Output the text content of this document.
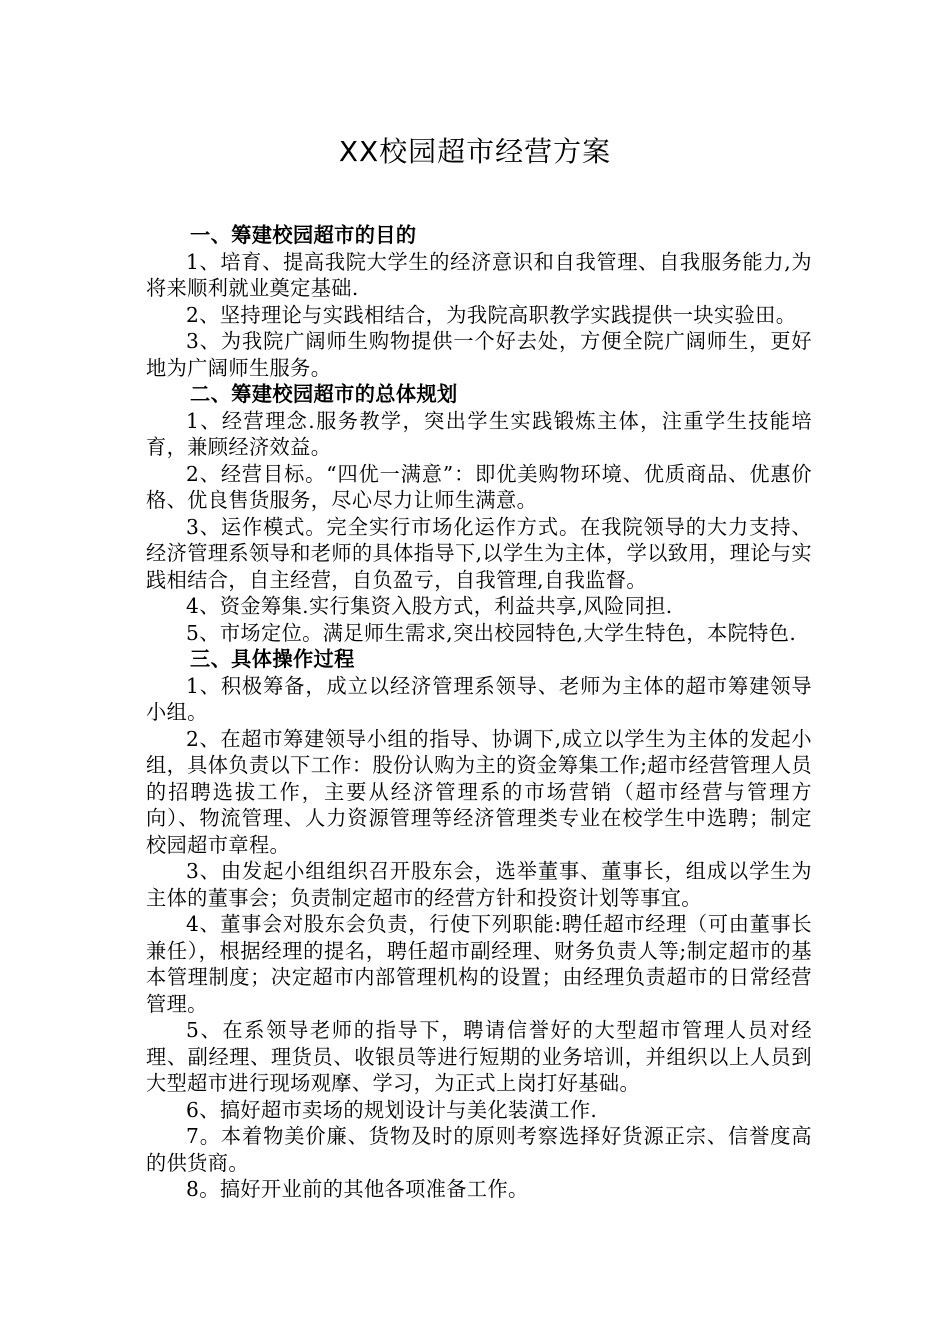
XX校园超市经营方案

一、筹建校园超市的目的

1、培育、提高我院大学生的经济意识和自我管理、自我服务能力,为将来顺利就业奠定基础.

2、坚持理论与实践相结合，为我院高职教学实践提供一块实验田。

3、为我院广阔师生购物提供一个好去处，方便全院广阔师生，更好地为广阔师生服务。

二、筹建校园超市的总体规划

1、经营理念.服务教学，突出学生实践锻炼主体，注重学生技能培育，兼顾经济效益。

2、经营目标。“四优一满意”：即优美购物环境、优质商品、优惠价格、优良售货服务，尽心尽力让师生满意。

3、运作模式。完全实行市场化运作方式。在我院领导的大力支持、经济管理系领导和老师的具体指导下,以学生为主体，学以致用，理论与实践相结合，自主经营，自负盈亏，自我管理,自我监督。

4、资金筹集.实行集资入股方式，利益共享,风险同担.

5、市场定位。满足师生需求,突出校园特色,大学生特色，本院特色.

三、具体操作过程

1、积极筹备，成立以经济管理系领导、老师为主体的超市筹建领导小组。

2、在超市筹建领导小组的指导、协调下,成立以学生为主体的发起小组，具体负责以下工作：股份认购为主的资金筹集工作;超市经营管理人员的招聘选拔工作，主要从经济管理系的市场营销（超市经营与管理方向）、物流管理、人力资源管理等经济管理类专业在校学生中选聘；制定校园超市章程。

3、由发起小组组织召开股东会，选举董事、董事长，组成以学生为主体的董事会；负责制定超市的经营方针和投资计划等事宜。

4、董事会对股东会负责，行使下列职能:聘任超市经理（可由董事长兼任），根据经理的提名，聘任超市副经理、财务负责人等;制定超市的基本管理制度；决定超市内部管理机构的设置；由经理负责超市的日常经营管理。

5、在系领导老师的指导下，聘请信誉好的大型超市管理人员对经理、副经理、理货员、收银员等进行短期的业务培训，并组织以上人员到大型超市进行现场观摩、学习，为正式上岗打好基础。

6、搞好超市卖场的规划设计与美化装潢工作.

7。本着物美价廉、货物及时的原则考察选择好货源正宗、信誉度高的供货商。

8。搞好开业前的其他各项准备工作。
